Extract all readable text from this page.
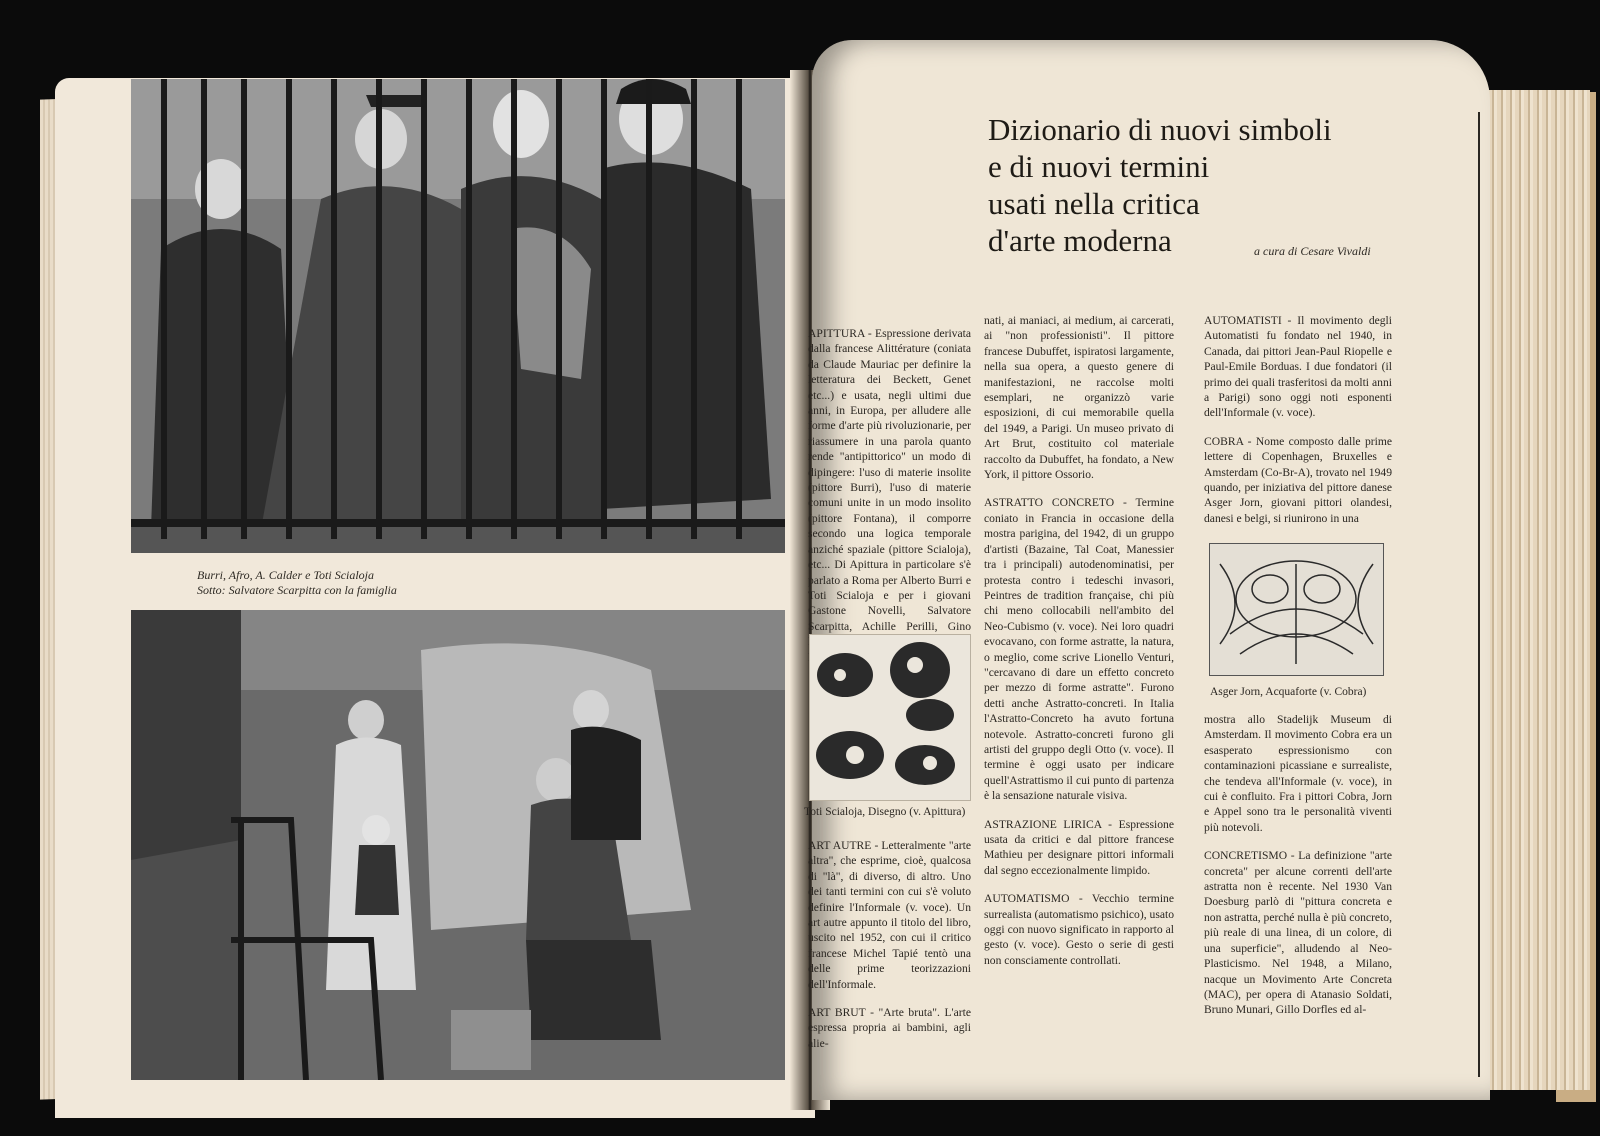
Burri, Afro, A. Calder e Toti Scialoja
Sotto: Salvatore Scarpitta con la famiglia
Dizionario di nuovi simboli
e di nuovi termini
usati nella critica
d'arte moderna	a cura di Cesare Vivaldi

APITTURA - Espressione derivata dalla francese Alittérature (coniata da Claude Mauriac per definire la letteratura dei Beckett, Genet etc...) e usata, negli ultimi due anni, in Europa, per alludere alle forme d'arte più rivoluzionarie, per riassumere in una parola quanto rende "antipittorico" un modo di dipingere: l'uso di materie insolite (pittore Burri), l'uso di materie comuni unite in un modo insolito (pittore Fontana), il comporre secondo una logica temporale anziché spaziale (pittore Scialoja), etc... Di Apittura in particolare s'è parlato a Roma per Alberto Burri e Toti Scialoja e per i giovani Gastone Novelli, Salvatore Scarpitta, Achille Perilli, Gino

Toti Scialoja, Disegno (v. Apittura)

ART AUTRE - Letteralmente "arte altra", che esprime, cioè, qualcosa di "là", di diverso, di altro. Uno dei tanti termini con cui s'è voluto definire l'Informale (v. voce). Un art autre appunto il titolo del libro, uscito nel 1952, con cui il critico francese Michel Tapié tentò una delle prime teorizzazioni dell'Informale.

ART BRUT - "Arte bruta". L'arte espressa propria ai bambini, agli alie-

nati, ai maniaci, ai medium, ai carcerati, ai "non professionisti". Il pittore francese Dubuffet, ispiratosi largamente, nella sua opera, a questo genere di manifestazioni, ne raccolse molti esemplari, ne organizzò varie esposizioni, di cui memorabile quella del 1949, a Parigi. Un museo privato di Art Brut, costituito col materiale raccolto da Dubuffet, ha fondato, a New York, il pittore Ossorio.

ASTRATTO CONCRETO - Termine coniato in Francia in occasione della mostra parigina, del 1942, di un gruppo d'artisti (Bazaine, Tal Coat, Manessier tra i principali) autodenominatisi, per protesta contro i tedeschi invasori, Peintres de tradition française, chi più chi meno collocabili nell'ambito del Neo-Cubismo (v. voce). Nei loro quadri evocavano, con forme astratte, la natura, o meglio, come scrive Lionello Venturi, "cercavano di dare un effetto concreto per mezzo di forme astratte". Furono detti anche Astratto-concreti. In Italia l'Astratto-Concreto ha avuto fortuna notevole. Astratto-concreti furono gli artisti del gruppo degli Otto (v. voce). Il termine è oggi usato per indicare quell'Astrattismo il cui punto di partenza è la sensazione naturale visiva.

ASTRAZIONE LIRICA - Espressione usata da critici e dal pittore francese Mathieu per designare pittori informali dal segno eccezionalmente limpido.

AUTOMATISMO - Vecchio termine surrealista (automatismo psichico), usato oggi con nuovo significato in rapporto al gesto (v. voce). Gesto o serie di gesti non consciamente controllati.

AUTOMATISTI - Il movimento degli Automatisti fu fondato nel 1940, in Canada, dai pittori Jean-Paul Riopelle e Paul-Emile Borduas. I due fondatori (il primo dei quali trasferitosi da molti anni a Parigi) sono oggi noti esponenti dell'Informale (v. voce).

COBRA - Nome composto dalle prime lettere di Copenhagen, Bruxelles e Amsterdam (Co-Br-A), trovato nel 1949 quando, per iniziativa del pittore danese Asger Jorn, giovani pittori olandesi, danesi e belgi, si riunirono in una

Asger Jorn, Acquaforte (v. Cobra)

mostra allo Stadelijk Museum di Amsterdam. Il movimento Cobra era un esasperato espressionismo con contaminazioni picassiane e surrealiste, che tendeva all'Informale (v. voce), in cui è confluito. Fra i pittori Cobra, Jorn e Appel sono tra le personalità viventi più notevoli.

CONCRETISMO - La definizione "arte concreta" per alcune correnti dell'arte astratta non è recente. Nel 1930 Van Doesburg parlò di "pittura concreta e non astratta, perché nulla è più concreto, più reale di una linea, di un colore, di una superficie", alludendo al Neo-Plasticismo. Nel 1948, a Milano, nacque un Movimento Arte Concreta (MAC), per opera di Atanasio Soldati, Bruno Munari, Gillo Dorfles ed al-
